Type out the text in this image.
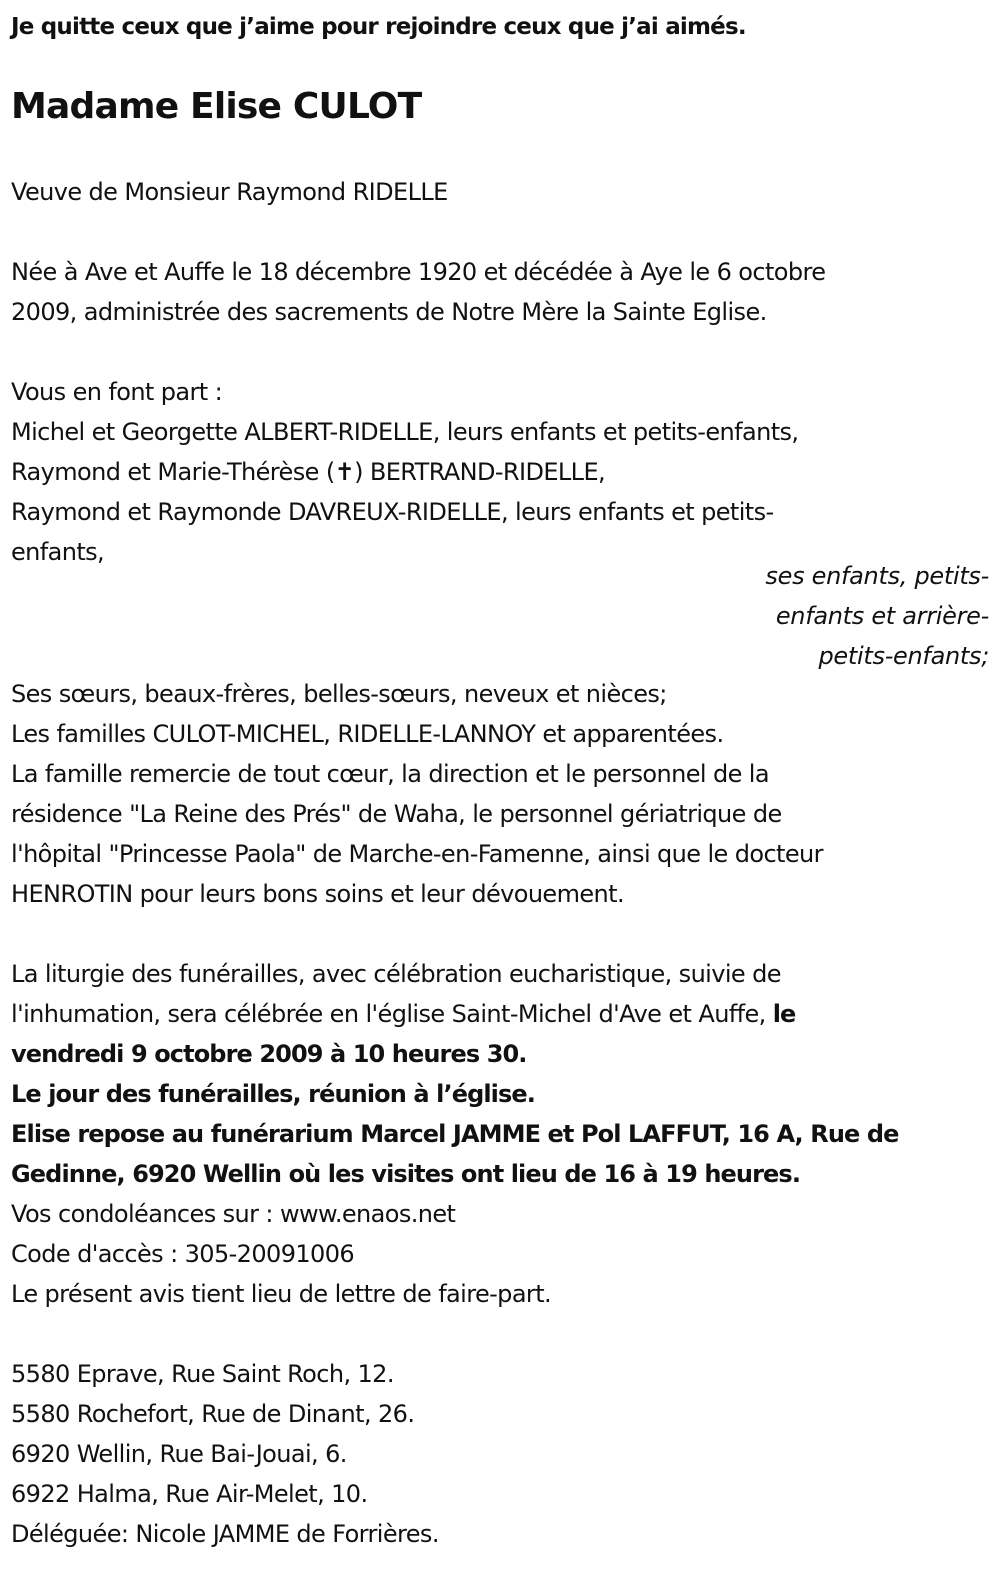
Je quitte ceux que j’aime pour rejoindre ceux que j’ai aimés.
Madame Elise CULOT
Veuve de Monsieur Raymond RIDELLE
Née à Ave et Auffe le 18 décembre 1920 et décédée à Aye le 6 octobre
2009, administrée des sacrements de Notre Mère la Sainte Eglise.
Vous en font part :
Michel et Georgette ALBERT-RIDELLE, leurs enfants et petits-enfants,
Raymond et Marie-Thérèse (✝) BERTRAND-RIDELLE,
Raymond et Raymonde DAVREUX-RIDELLE, leurs enfants et petits-
enfants,
ses enfants, petits-
enfants et arrière-
petits-enfants;
Ses sœurs, beaux-frères, belles-sœurs, neveux et nièces;
Les familles CULOT-MICHEL, RIDELLE-LANNOY et apparentées.
La famille remercie de tout cœur, la direction et le personnel de la
résidence "La Reine des Prés" de Waha, le personnel gériatrique de
l'hôpital "Princesse Paola" de Marche-en-Famenne, ainsi que le docteur
HENROTIN pour leurs bons soins et leur dévouement.
La liturgie des funérailles, avec célébration eucharistique, suivie de
l'inhumation, sera célébrée en l'église Saint-Michel d'Ave et Auffe, le
vendredi 9 octobre 2009 à 10 heures 30.
Le jour des funérailles, réunion à l’église.
Elise repose au funérarium Marcel JAMME et Pol LAFFUT, 16 A, Rue de
Gedinne, 6920 Wellin où les visites ont lieu de 16 à 19 heures.
Vos condoléances sur : www.enaos.net
Code d'accès : 305-20091006
Le présent avis tient lieu de lettre de faire-part.
5580 Eprave, Rue Saint Roch, 12.
5580 Rochefort, Rue de Dinant, 26.
6920 Wellin, Rue Bai-Jouai, 6.
6922 Halma, Rue Air-Melet, 10.
Déléguée: Nicole JAMME de Forrières.
